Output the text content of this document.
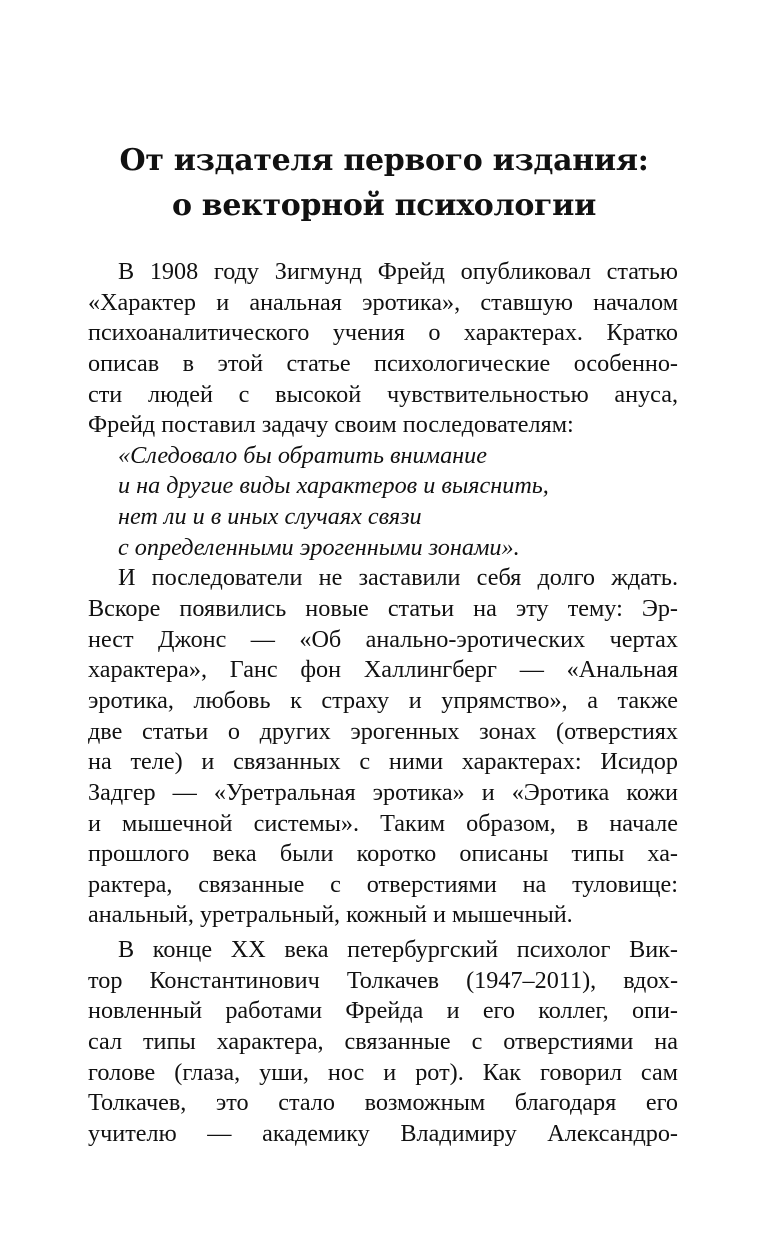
От издателя первого издания:
о векторной психологии
В 1908 году Зигмунд Фрейд опубликовал статью
«Характер и анальная эротика», ставшую началом
психоаналитического учения о характерах. Кратко
описав в этой статье психологические особенно-
сти людей с высокой чувствительностью ануса,
Фрейд поставил задачу своим последователям:
«Следовало бы обратить внимание
и на другие виды характеров и выяснить,
нет ли и в иных случаях связи
с определенными эрогенными зонами».
И последователи не заставили себя долго ждать.
Вскоре появились новые статьи на эту тему: Эр-
нест Джонс — «Об анально-эротических чертах
характера», Ганс фон Халлингберг — «Анальная
эротика, любовь к страху и упрямство», а также
две статьи о других эрогенных зонах (отверстиях
на теле) и связанных с ними характерах: Исидор
Задгер — «Уретральная эротика» и «Эротика кожи
и мышечной системы». Таким образом, в начале
прошлого века были коротко описаны типы ха-
рактера, связанные с отверстиями на туловище:
анальный, уретральный, кожный и мышечный.
В конце XX века петербургский психолог Вик-
тор Константинович Толкачев (1947–2011), вдох-
новленный работами Фрейда и его коллег, опи-
сал типы характера, связанные с отверстиями на
голове (глаза, уши, нос и рот). Как говорил сам
Толкачев, это стало возможным благодаря его
учителю — академику Владимиру Александро-
